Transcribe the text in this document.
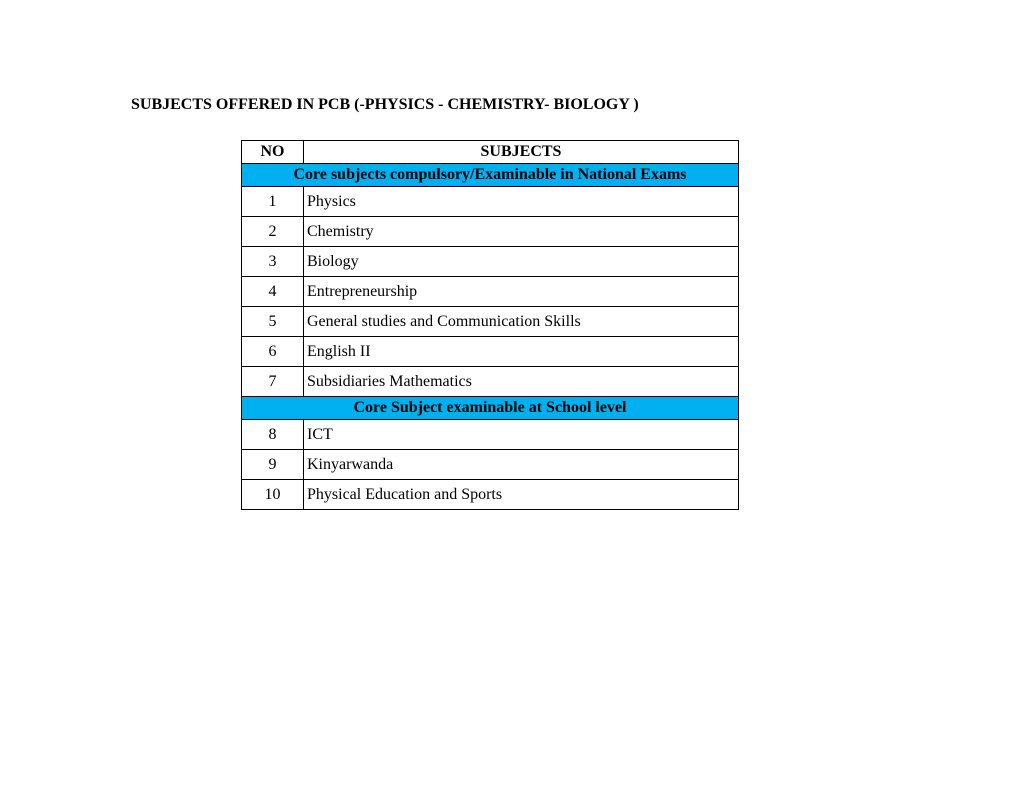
SUBJECTS OFFERED IN PCB (-PHYSICS - CHEMISTRY- BIOLOGY )
NO	SUBJECTS
Core subjects compulsory/Examinable in National Exams	
1	Physics
2	Chemistry
3	Biology
4	Entrepreneurship
5	General studies and Communication Skills
6	English II
7	Subsidiaries Mathematics
Core Subject examinable at School level	
8	ICT
9	Kinyarwanda
10	Physical Education and Sports
